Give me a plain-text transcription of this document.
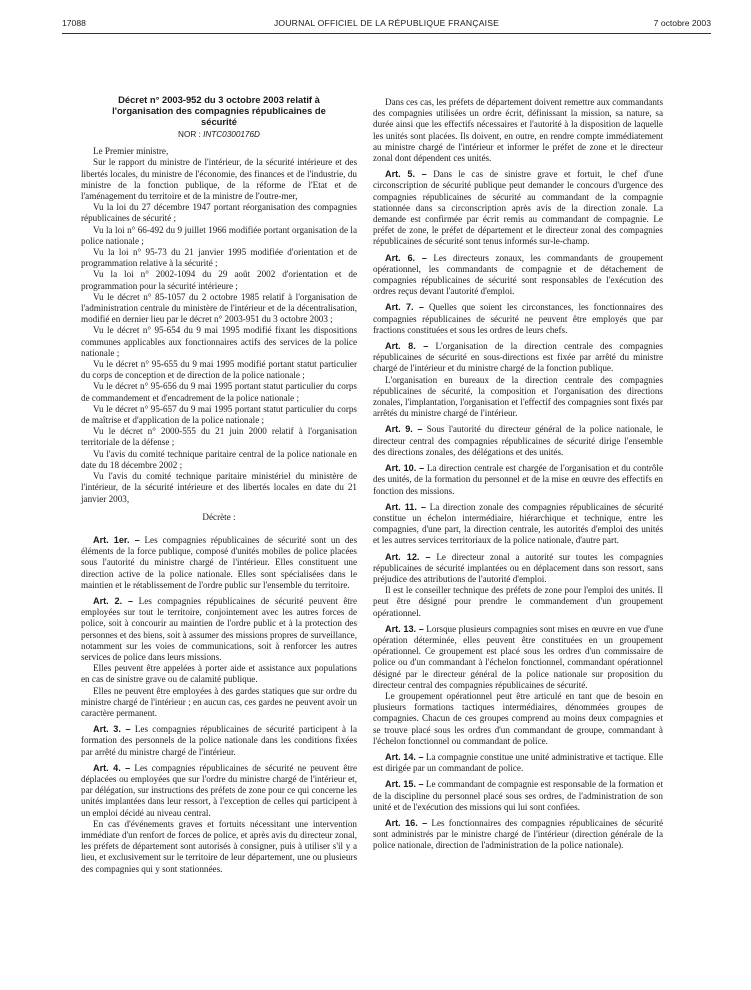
17088	JOURNAL OFFICIEL DE LA RÉPUBLIQUE FRANÇAISE	7 octobre 2003
Décret n° 2003-952 du 3 octobre 2003 relatif à l'organisation des compagnies républicaines de sécurité
NOR : INTC0300176D

Le Premier ministre,

Sur le rapport du ministre de l'intérieur, de la sécurité intérieure et des libertés locales, du ministre de l'économie, des finances et de l'industrie, du ministre de la fonction publique, de la réforme de l'Etat et de l'aménagement du territoire et de la ministre de l'outre-mer,

Vu la loi du 27 décembre 1947 portant réorganisation des compagnies républicaines de sécurité ;

Vu la loi n° 66-492 du 9 juillet 1966 modifiée portant organisation de la police nationale ;

Vu la loi n° 95-73 du 21 janvier 1995 modifiée d'orientation et de programmation relative à la sécurité ;

Vu la loi n° 2002-1094 du 29 août 2002 d'orientation et de programmation pour la sécurité intérieure ;

Vu le décret n° 85-1057 du 2 octobre 1985 relatif à l'organisation de l'administration centrale du ministère de l'intérieur et de la décentralisation, modifié en dernier lieu par le décret n° 2003-951 du 3 octobre 2003 ;

Vu le décret n° 95-654 du 9 mai 1995 modifié fixant les dispositions communes applicables aux fonctionnaires actifs des services de la police nationale ;

Vu le décret n° 95-655 du 9 mai 1995 modifié portant statut particulier du corps de conception et de direction de la police nationale ;

Vu le décret n° 95-656 du 9 mai 1995 portant statut particulier du corps de commandement et d'encadrement de la police nationale ;

Vu le décret n° 95-657 du 9 mai 1995 portant statut particulier du corps de maîtrise et d'application de la police nationale ;

Vu le décret n° 2000-555 du 21 juin 2000 relatif à l'organisation territoriale de la défense ;

Vu l'avis du comité technique paritaire central de la police nationale en date du 18 décembre 2002 ;

Vu l'avis du comité technique paritaire ministériel du ministère de l'intérieur, de la sécurité intérieure et des libertés locales en date du 21 janvier 2003,

Décrète :

Art. 1er. – Les compagnies républicaines de sécurité sont un des éléments de la force publique, composé d'unités mobiles de police placées sous l'autorité du ministre chargé de l'intérieur. Elles constituent une direction active de la police nationale. Elles sont spécialisées dans le maintien et le rétablissement de l'ordre public sur l'ensemble du territoire.

Art. 2. – Les compagnies républicaines de sécurité peuvent être employées sur tout le territoire, conjointement avec les autres forces de police, soit à concourir au maintien de l'ordre public et à la protection des personnes et des biens, soit à assumer des missions propres de surveillance, notamment sur les voies de communications, soit à renforcer les autres services de police dans leurs missions.

Elles peuvent être appelées à porter aide et assistance aux populations en cas de sinistre grave ou de calamité publique.

Elles ne peuvent être employées à des gardes statiques que sur ordre du ministre chargé de l'intérieur ; en aucun cas, ces gardes ne peuvent avoir un caractère permanent.

Art. 3. – Les compagnies républicaines de sécurité participent à la formation des personnels de la police nationale dans les conditions fixées par arrêté du ministre chargé de l'intérieur.

Art. 4. – Les compagnies républicaines de sécurité ne peuvent être déplacées ou employées que sur l'ordre du ministre chargé de l'intérieur et, par délégation, sur instructions des préfets de zone pour ce qui concerne les unités implantées dans leur ressort, à l'exception de celles qui participent à un emploi décidé au niveau central.

En cas d'événements graves et fortuits nécessitant une intervention immédiate d'un renfort de forces de police, et après avis du directeur zonal, les préfets de département sont autorisés à consigner, puis à utiliser s'il y a lieu, et exclusivement sur le territoire de leur département, une ou plusieurs des compagnies qui y sont stationnées.

Dans ces cas, les préfets de département doivent remettre aux commandants des compagnies utilisées un ordre écrit, définissant la mission, sa nature, sa durée ainsi que les effectifs nécessaires et l'autorité à la disposition de laquelle les unités sont placées. Ils doivent, en outre, en rendre compte immédiatement au ministre chargé de l'intérieur et informer le préfet de zone et le directeur zonal dont dépendent ces unités.

Art. 5. – Dans le cas de sinistre grave et fortuit, le chef d'une circonscription de sécurité publique peut demander le concours d'urgence des compagnies républicaines de sécurité au commandant de la compagnie stationnée dans sa circonscription après avis de la direction zonale. La demande est confirmée par écrit remis au commandant de compagnie. Le préfet de zone, le préfet de département et le directeur zonal des compagnies républicaines de sécurité sont tenus informés sur-le-champ.

Art. 6. – Les directeurs zonaux, les commandants de groupement opérationnel, les commandants de compagnie et de détachement de compagnies républicaines de sécurité sont responsables de l'exécution des ordres reçus devant l'autorité d'emploi.

Art. 7. – Quelles que soient les circonstances, les fonctionnaires des compagnies républicaines de sécurité ne peuvent être employés que par fractions constituées et sous les ordres de leurs chefs.

Art. 8. – L'organisation de la direction centrale des compagnies républicaines de sécurité en sous-directions est fixée par arrêté du ministre chargé de l'intérieur et du ministre chargé de la fonction publique.

L'organisation en bureaux de la direction centrale des compagnies républicaines de sécurité, la composition et l'organisation des directions zonales, l'implantation, l'organisation et l'effectif des compagnies sont fixés par arrêtés du ministre chargé de l'intérieur.

Art. 9. – Sous l'autorité du directeur général de la police nationale, le directeur central des compagnies républicaines de sécurité dirige l'ensemble des directions zonales, des délégations et des unités.

Art. 10. – La direction centrale est chargée de l'organisation et du contrôle des unités, de la formation du personnel et de la mise en œuvre des effectifs en fonction des missions.

Art. 11. – La direction zonale des compagnies républicaines de sécurité constitue un échelon intermédiaire, hiérarchique et technique, entre les compagnies, d'une part, la direction centrale, les autorités d'emploi des unités et les autres services territoriaux de la police nationale, d'autre part.

Art. 12. – Le directeur zonal a autorité sur toutes les compagnies républicaines de sécurité implantées ou en déplacement dans son ressort, sans préjudice des attributions de l'autorité d'emploi.

Il est le conseiller technique des préfets de zone pour l'emploi des unités. Il peut être désigné pour prendre le commandement d'un groupement opérationnel.

Art. 13. – Lorsque plusieurs compagnies sont mises en œuvre en vue d'une opération déterminée, elles peuvent être constituées en un groupement opérationnel. Ce groupement est placé sous les ordres d'un commissaire de police ou d'un commandant à l'échelon fonctionnel, commandant opérationnel désigné par le directeur général de la police nationale sur proposition du directeur central des compagnies républicaines de sécurité.

Le groupement opérationnel peut être articulé en tant que de besoin en plusieurs formations tactiques intermédiaires, dénommées groupes de compagnies. Chacun de ces groupes comprend au moins deux compagnies et se trouve placé sous les ordres d'un commandant de groupe, commandant à l'échelon fonctionnel ou commandant de police.

Art. 14. – La compagnie constitue une unité administrative et tactique. Elle est dirigée par un commandant de police.

Art. 15. – Le commandant de compagnie est responsable de la formation et de la discipline du personnel placé sous ses ordres, de l'administration de son unité et de l'exécution des missions qui lui sont confiées.

Art. 16. – Les fonctionnaires des compagnies républicaines de sécurité sont administrés par le ministre chargé de l'intérieur (direction générale de la police nationale, direction de l'administration de la police nationale).
